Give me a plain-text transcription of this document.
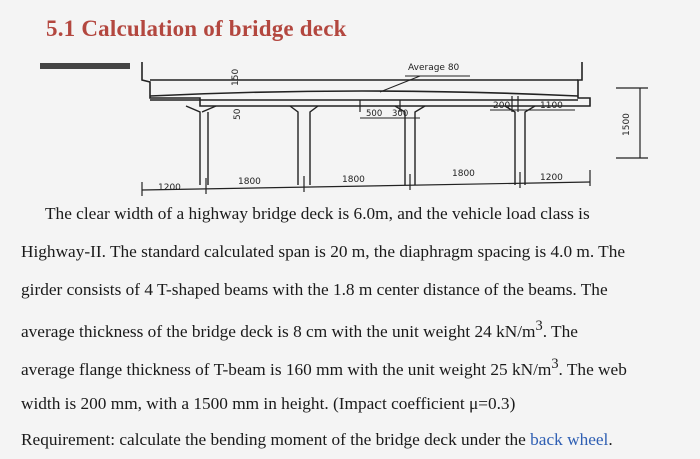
5.1 Calculation of bridge deck
Average 80
150
50	500 300
200	1100
1500
1200
1800	1800
1800	1200
The clear width of a highway bridge deck is 6.0m, and the vehicle load class is
Highway-II. The standard calculated span is 20 m, the diaphragm spacing is 4.0 m. The
girder consists of 4 T-shaped beams with the 1.8 m center distance of the beams. The
average thickness of the bridge deck is 8 cm with the unit weight 24 $kN/m^3$. The
average flange thickness of T-beam is 160 mm with the unit weight 25 $kN/m^3$. The web
width is 200 mm, with a 1500 mm in height. (Impact coefficient μ=0.3)
Requirement: calculate the bending moment of the bridge deck under the back wheel.
